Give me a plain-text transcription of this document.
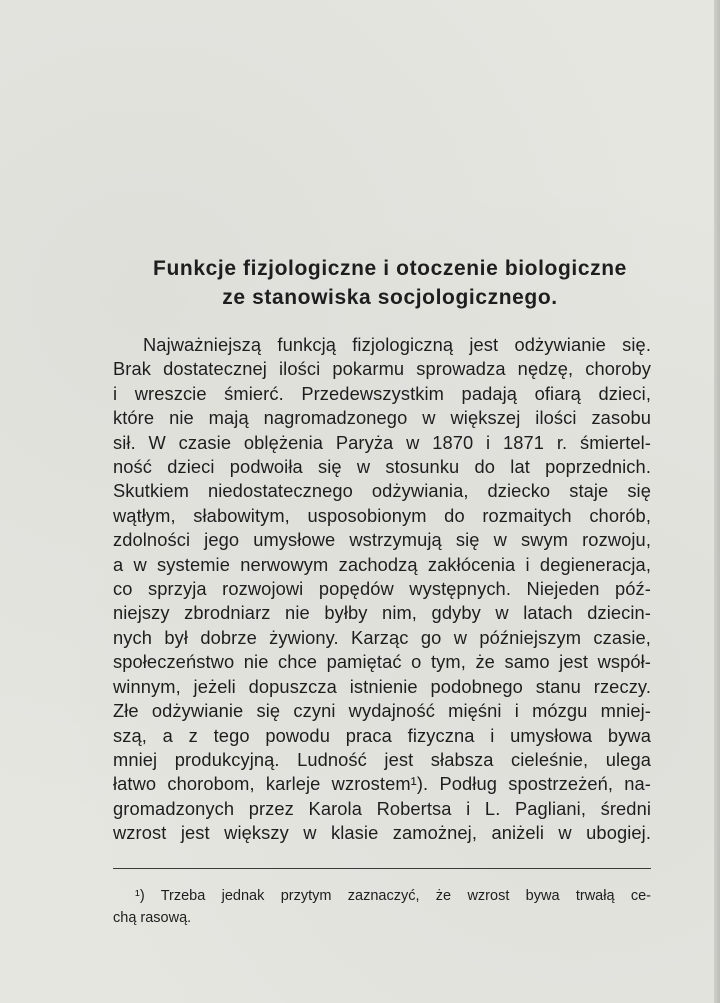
Funkcje fizjologiczne i otoczenie biologiczne
ze stanowiska socjologicznego.
Najważniejszą funkcją fizjologiczną jest odżywianie się.
Brak dostatecznej ilości pokarmu sprowadza nędzę, choroby
i wreszcie śmierć. Przedewszystkim padają ofiarą dzieci,
które nie mają nagromadzonego w większej ilości zasobu
sił. W czasie oblężenia Paryża w 1870 i 1871 r. śmiertel-
ność dzieci podwoiła się w stosunku do lat poprzednich.
Skutkiem niedostatecznego odżywiania, dziecko staje się
wątłym, słabowitym, usposobionym do rozmaitych chorób,
zdolności jego umysłowe wstrzymują się w swym rozwoju,
a w systemie nerwowym zachodzą zakłócenia i degieneracja,
co sprzyja rozwojowi popędów występnych. Niejeden póź-
niejszy zbrodniarz nie byłby nim, gdyby w latach dziecin-
nych był dobrze żywiony. Karząc go w późniejszym czasie,
społeczeństwo nie chce pamiętać o tym, że samo jest współ-
winnym, jeżeli dopuszcza istnienie podobnego stanu rzeczy.
Złe odżywianie się czyni wydajność mięśni i mózgu mniej-
szą, a z tego powodu praca fizyczna i umysłowa bywa
mniej produkcyjną. Ludność jest słabsza cieleśnie, ulega
łatwo chorobom, karleje wzrostem¹). Podług spostrzeżeń, na-
gromadzonych przez Karola Robertsa i L. Pagliani, średni
wzrost jest większy w klasie zamożnej, aniżeli w ubogiej.
¹) Trzeba jednak przytym zaznaczyć, że wzrost bywa trwałą ce-
chą rasową.
